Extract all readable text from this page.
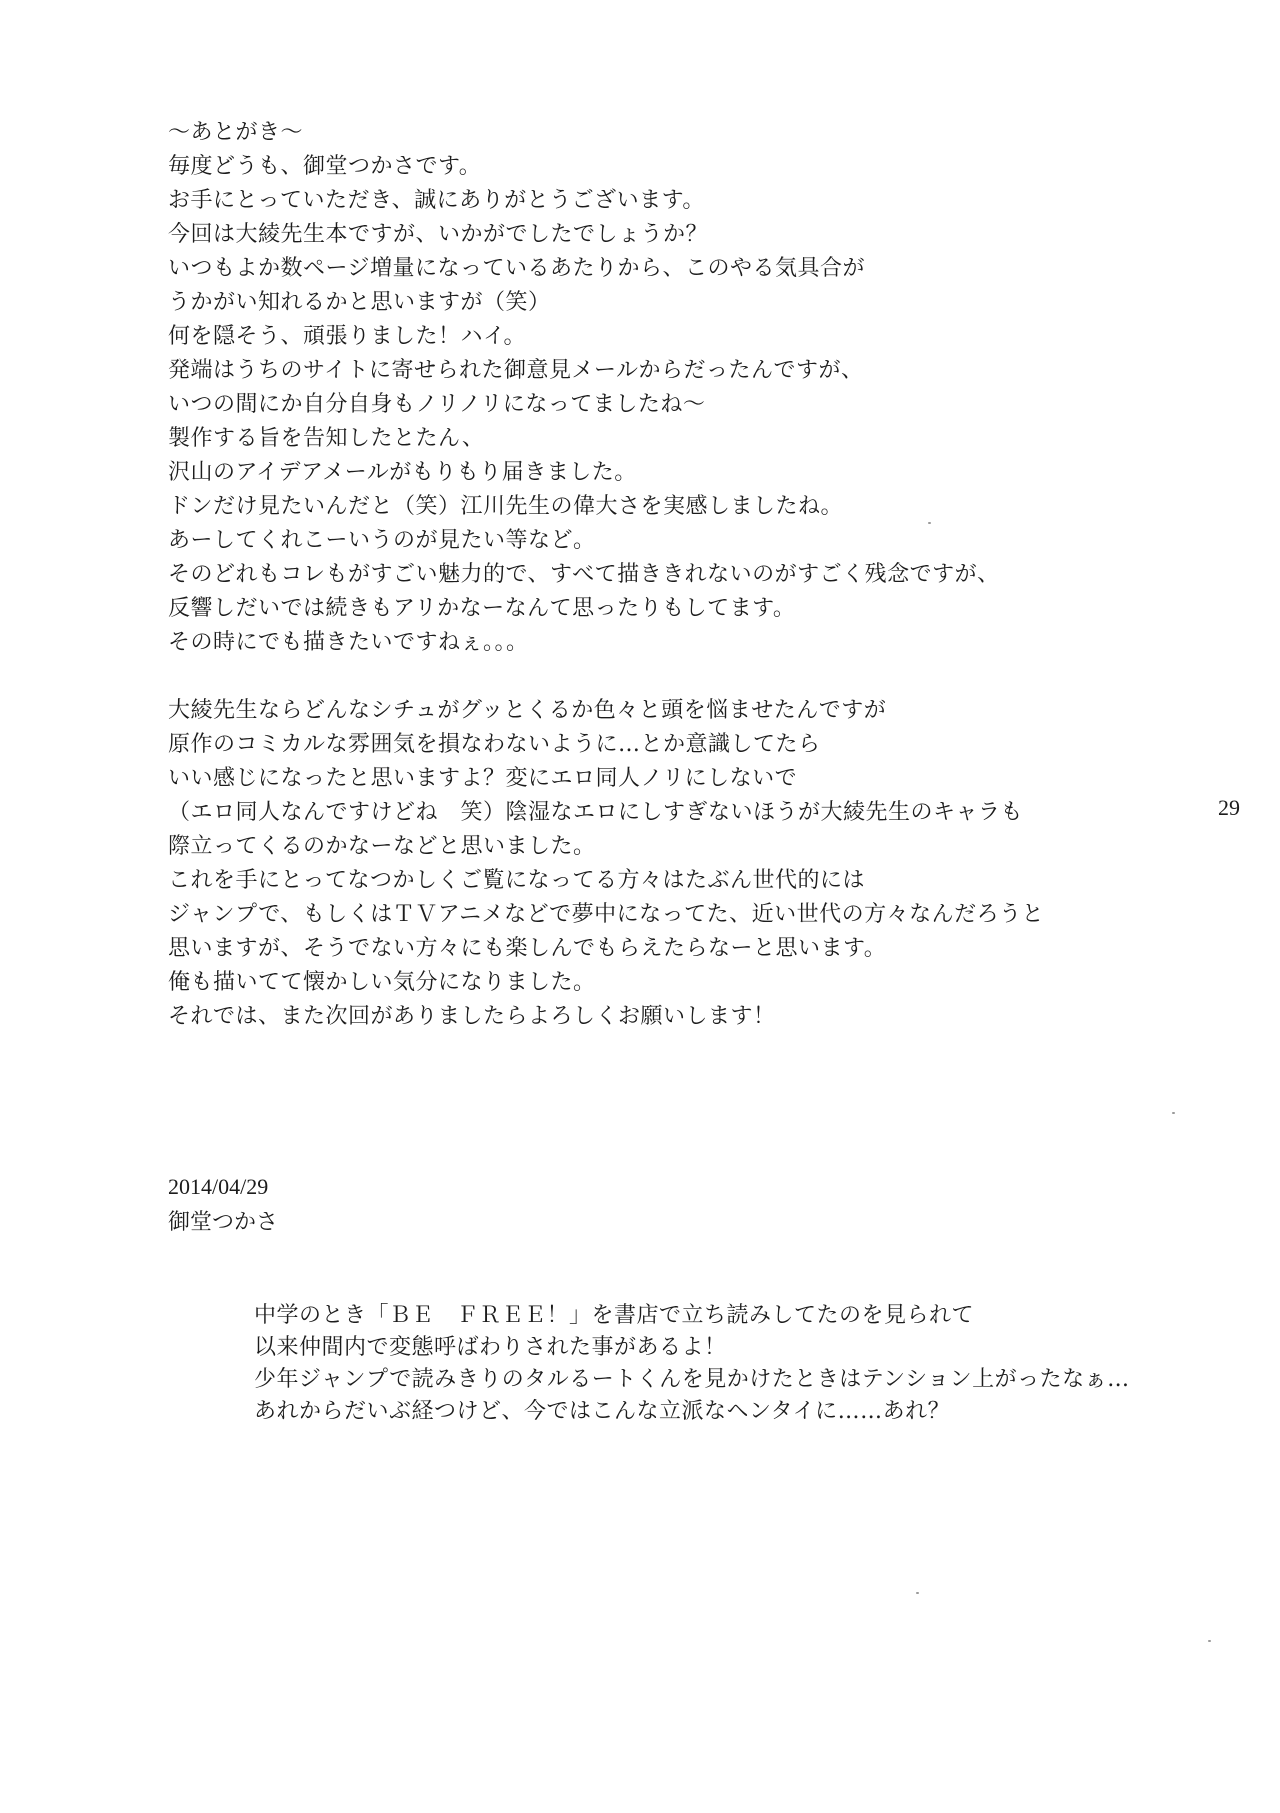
～あとがき～
毎度どうも、御堂つかさです。
お手にとっていただき、誠にありがとうございます。
今回は大綾先生本ですが、いかがでしたでしょうか？
いつもよか数ページ増量になっているあたりから、このやる気具合が
うかがい知れるかと思いますが（笑）
何を隠そう、頑張りました！ハイ。
発端はうちのサイトに寄せられた御意見メールからだったんですが、
いつの間にか自分自身もノリノリになってましたね～
製作する旨を告知したとたん、
沢山のアイデアメールがもりもり届きました。
ドンだけ見たいんだと（笑）江川先生の偉大さを実感しましたね。
あーしてくれこーいうのが見たい等など。
そのどれもコレもがすごい魅力的で、すべて描ききれないのがすごく残念ですが、
反響しだいでは続きもアリかなーなんて思ったりもしてます。
その時にでも描きたいですねぇ。。。
大綾先生ならどんなシチュがグッとくるか色々と頭を悩ませたんですが
原作のコミカルな雰囲気を損なわないように…とか意識してたら
いい感じになったと思いますよ？変にエロ同人ノリにしないで
（エロ同人なんですけどね　笑）陰湿なエロにしすぎないほうが大綾先生のキャラも
際立ってくるのかなーなどと思いました。
これを手にとってなつかしくご覧になってる方々はたぶん世代的には
ジャンプで、もしくはＴＶアニメなどで夢中になってた、近い世代の方々なんだろうと
思いますが、そうでない方々にも楽しんでもらえたらなーと思います。
俺も描いてて懐かしい気分になりました。
それでは、また次回がありましたらよろしくお願いします！
29
2014/04/29
御堂つかさ
中学のとき「ＢＥ　ＦＲＥＥ！」を書店で立ち読みしてたのを見られて
以来仲間内で変態呼ばわりされた事があるよ！
少年ジャンプで読みきりのタルるートくんを見かけたときはテンション上がったなぁ…
あれからだいぶ経つけど、今ではこんな立派なヘンタイに……あれ？
